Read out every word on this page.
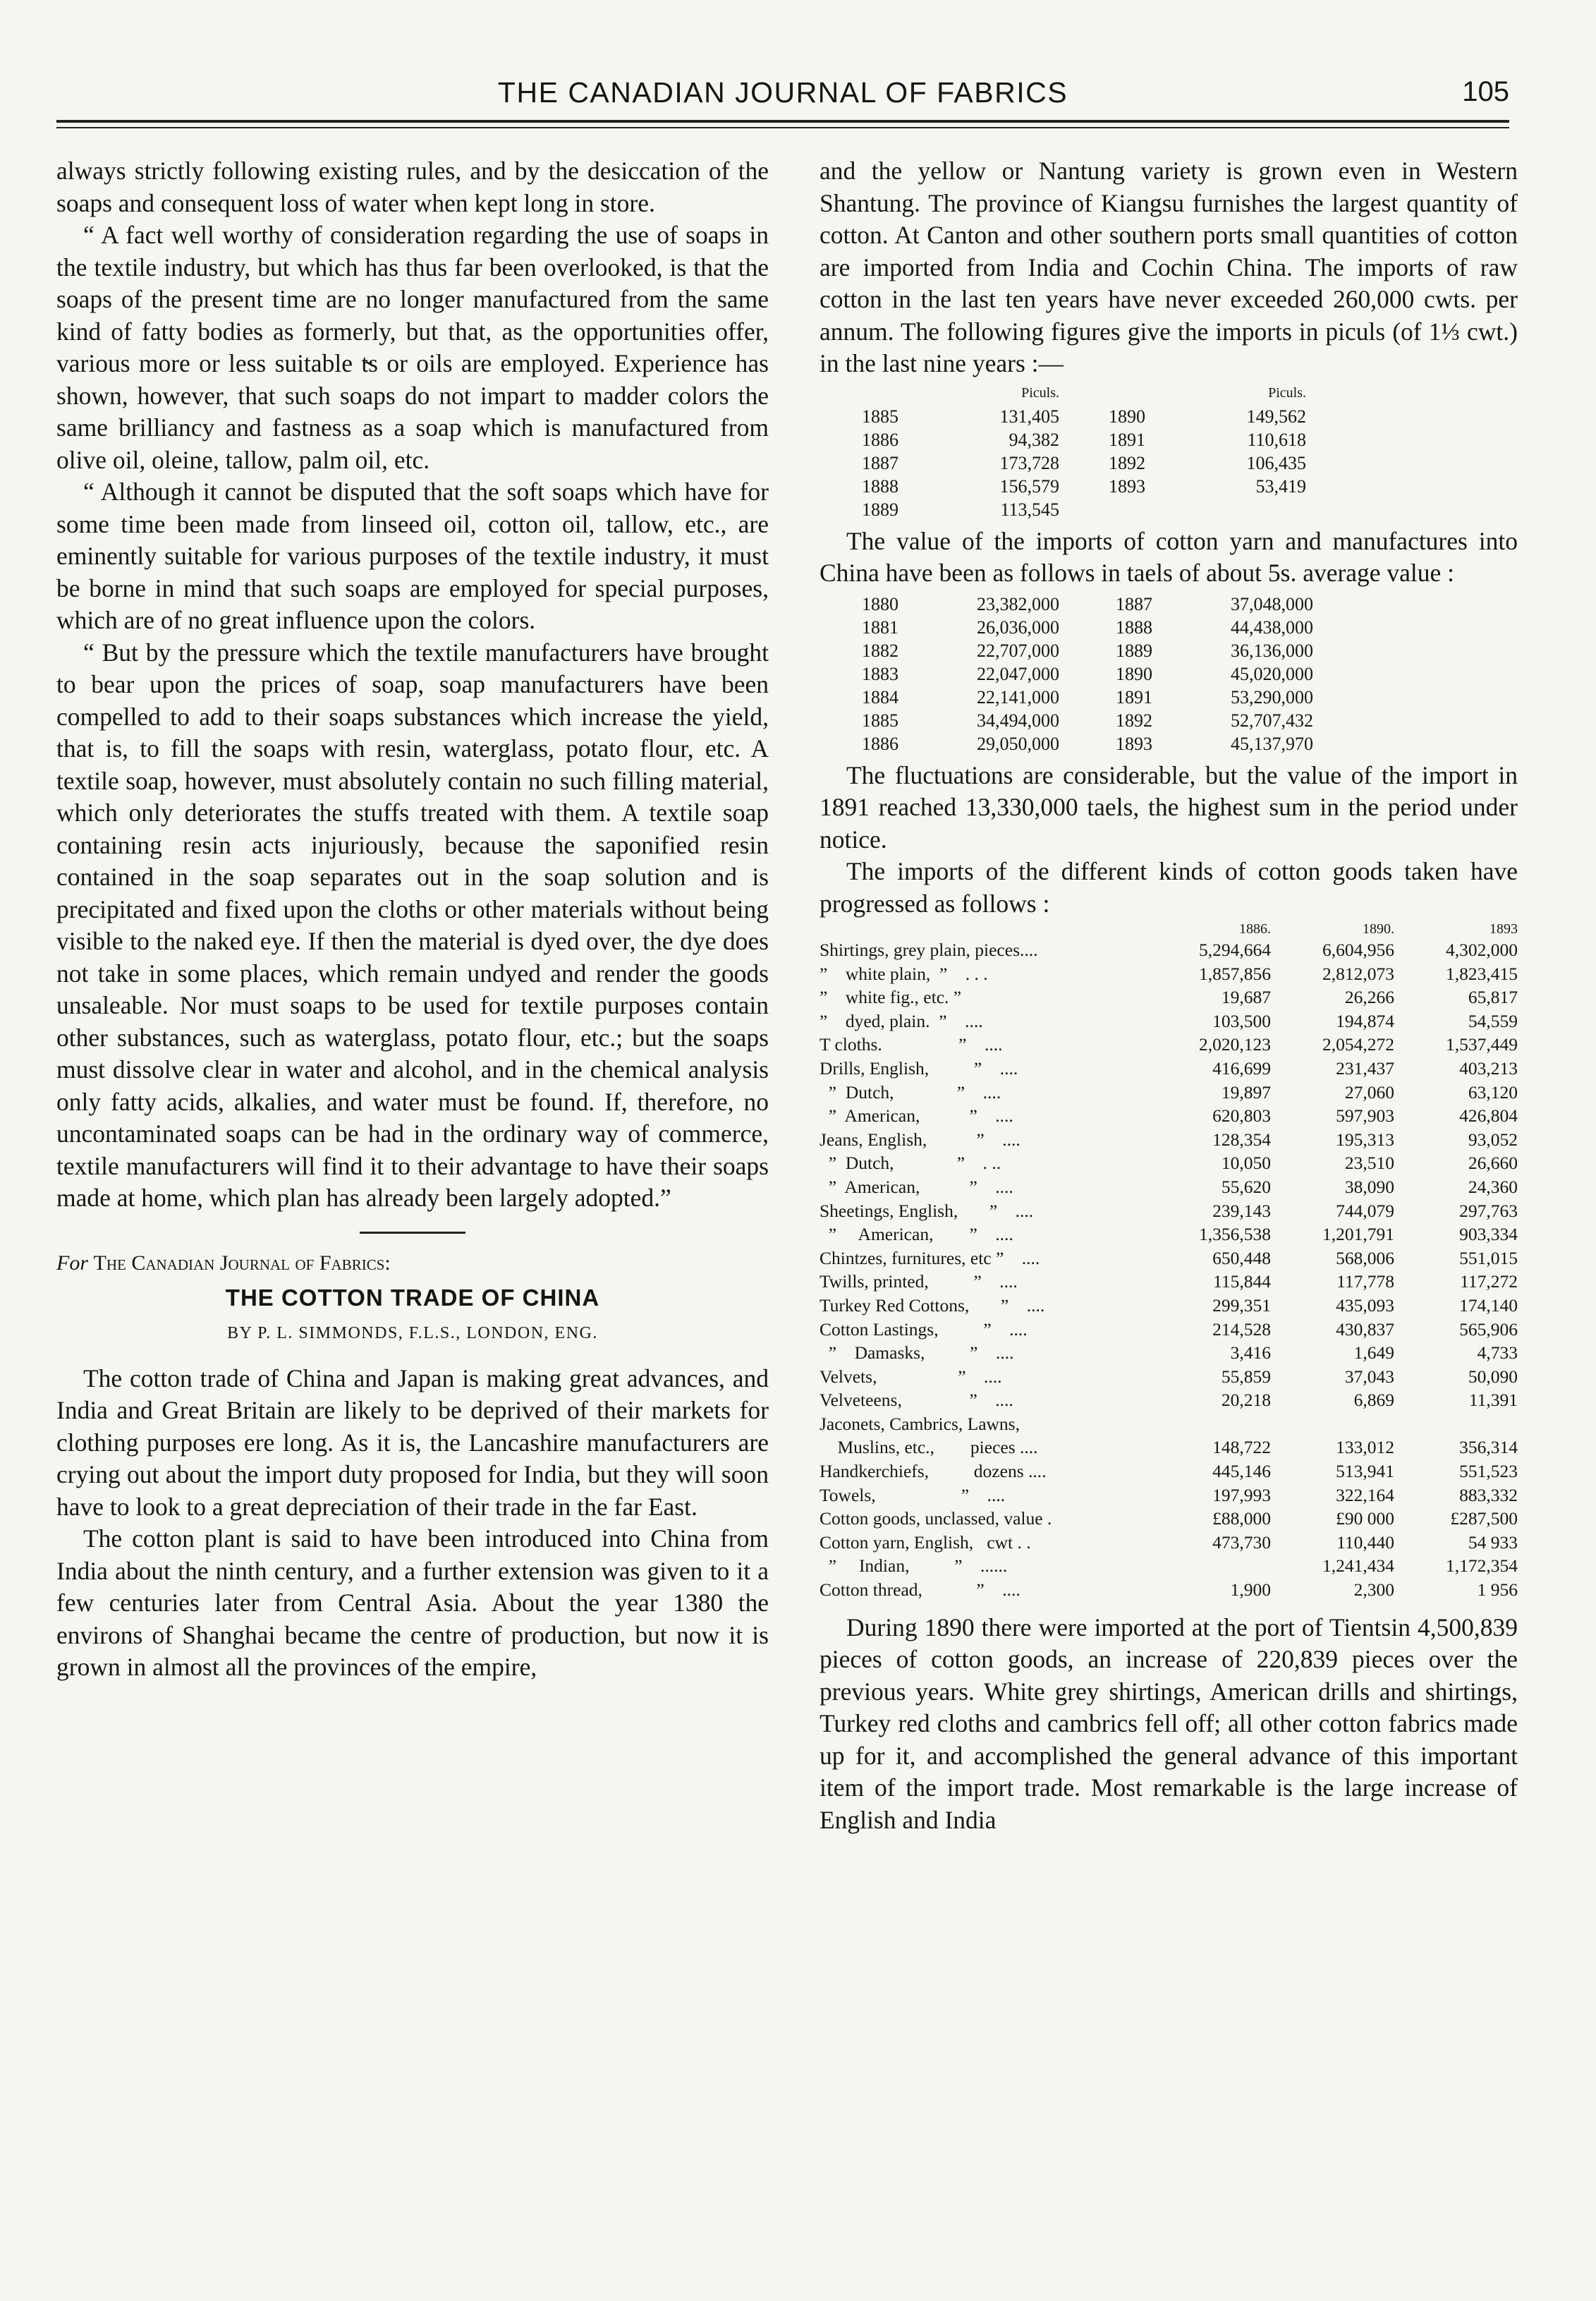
THE CANADIAN JOURNAL OF FABRICS	105

always strictly following existing rules, and by the desiccation of the soaps and consequent loss of water when kept long in store.

“ A fact well worthy of consideration regarding the use of soaps in the textile industry, but which has thus far been overlooked, is that the soaps of the present time are no longer manufactured from the same kind of fatty bodies as formerly, but that, as the opportunities offer, various more or less suitable t̴s or oils are employed. Experience has shown, however, that such soaps do not impart to madder colors the same brilliancy and fastness as a soap which is manufactured from olive oil, oleine, tallow, palm oil, etc.

“ Although it cannot be disputed that the soft soaps which have for some time been made from linseed oil, cotton oil, tallow, etc., are eminently suitable for various purposes of the textile industry, it must be borne in mind that such soaps are employed for special purposes, which are of no great influence upon the colors.

“ But by the pressure which the textile manufacturers have brought to bear upon the prices of soap, soap manufacturers have been compelled to add to their soaps substances which increase the yield, that is, to fill the soaps with resin, waterglass, potato flour, etc. A textile soap, however, must absolutely contain no such filling material, which only deteriorates the stuffs treated with them. A textile soap containing resin acts injuriously, because the saponified resin contained in the soap separates out in the soap solution and is precipitated and fixed upon the cloths or other materials without being visible to the naked eye. If then the material is dyed over, the dye does not take in some places, which remain undyed and render the goods unsaleable. Nor must soaps to be used for textile purposes contain other substances, such as waterglass, potato flour, etc.; but the soaps must dissolve clear in water and alcohol, and in the chemical analysis only fatty acids, alkalies, and water must be found. If, therefore, no uncontaminated soaps can be had in the ordinary way of commerce, textile manufacturers will find it to their advantage to have their soaps made at home, which plan has already been largely adopted.”

For The Canadian Journal of Fabrics:
THE COTTON TRADE OF CHINA
BY P. L. SIMMONDS, F.L.S., LONDON, ENG.

The cotton trade of China and Japan is making great advances, and India and Great Britain are likely to be deprived of their markets for clothing purposes ere long. As it is, the Lancashire manufacturers are crying out about the import duty proposed for India, but they will soon have to look to a great depreciation of their trade in the far East.

The cotton plant is said to have been introduced into China from India about the ninth century, and a further extension was given to it a few centuries later from Central Asia. About the year 1380 the environs of Shanghai became the centre of production, but now it is grown in almost all the provinces of the empire,

and the yellow or Nantung variety is grown even in Western Shantung. The province of Kiangsu furnishes the largest quantity of cotton. At Canton and other southern ports small quantities of cotton are imported from India and Cochin China. The imports of raw cotton in the last ten years have never exceeded 260,000 cwts. per annum. The following figures give the imports in piculs (of 1⅓ cwt.) in the last nine years :—

	Piculs.			Piculs.
1885	131,405		1890	149,562
1886	94,382		1891	110,618
1887	173,728		1892	106,435
1888	156,579		1893	53,419
1889	113,545			

The value of the imports of cotton yarn and manufactures into China have been as follows in taels of about 5s. average value :

1880	23,382,000		1887	37,048,000
1881	26,036,000		1888	44,438,000
1882	22,707,000		1889	36,136,000
1883	22,047,000		1890	45,020,000
1884	22,141,000		1891	53,290,000
1885	34,494,000		1892	52,707,432
1886	29,050,000		1893	45,137,970

The fluctuations are considerable, but the value of the import in 1891 reached 13,330,000 taels, the highest sum in the period under notice.

The imports of the different kinds of cotton goods taken have progressed as follows :

	1886.	1890.	1893
Shirtings, grey plain, pieces....	5,294,664	6,604,956	4,302,000
”    white plain,  ”    . . .	1,857,856	2,812,073	1,823,415
”    white fig., etc. ”	19,687	26,266	65,817
”    dyed, plain.  ”    ....	103,500	194,874	54,559
T cloths.                 ”    ....	2,020,123	2,054,272	1,537,449
Drills, English,          ”    ....	416,699	231,437	403,213
”  Dutch,              ”    ....	19,897	27,060	63,120
”  American,           ”    ....	620,803	597,903	426,804
Jeans, English,           ”    ....	128,354	195,313	93,052
”  Dutch,              ”    . ..	10,050	23,510	26,660
”  American,           ”    ....	55,620	38,090	24,360
Sheetings, English,       ”    ....	239,143	744,079	297,763
”     American,        ”    ....	1,356,538	1,201,791	903,334
Chintzes, furnitures, etc ”    ....	650,448	568,006	551,015
Twills, printed,          ”    ....	115,844	117,778	117,272
Turkey Red Cottons,       ”    ....	299,351	435,093	174,140
Cotton Lastings,          ”    ....	214,528	430,837	565,906
”    Damasks,          ”    ....	3,416	1,649	4,733
Velvets,                  ”    ....	55,859	37,043	50,090
Velveteens,               ”    ....	20,218	6,869	11,391
Jaconets, Cambrics, Lawns,			
Muslins, etc.,        pieces ....	148,722	133,012	356,314
Handkerchiefs,          dozens ....	445,146	513,941	551,523
Towels,                   ”    ....	197,993	322,164	883,332
Cotton goods, unclassed, value .	£88,000	£90 000	£287,500
Cotton yarn, English,   cwt . .	473,730	110,440	54 933
”     Indian,          ”    ......		1,241,434	1,172,354
Cotton thread,            ”    ....	1,900	2,300	1 956

During 1890 there were imported at the port of Tientsin 4,500,839 pieces of cotton goods, an increase of 220,839 pieces over the previous years. White grey shirtings, American drills and shirtings, Turkey red cloths and cambrics fell off; all other cotton fabrics made up for it, and accomplished the general advance of this important item of the import trade. Most remarkable is the large increase of English and India
